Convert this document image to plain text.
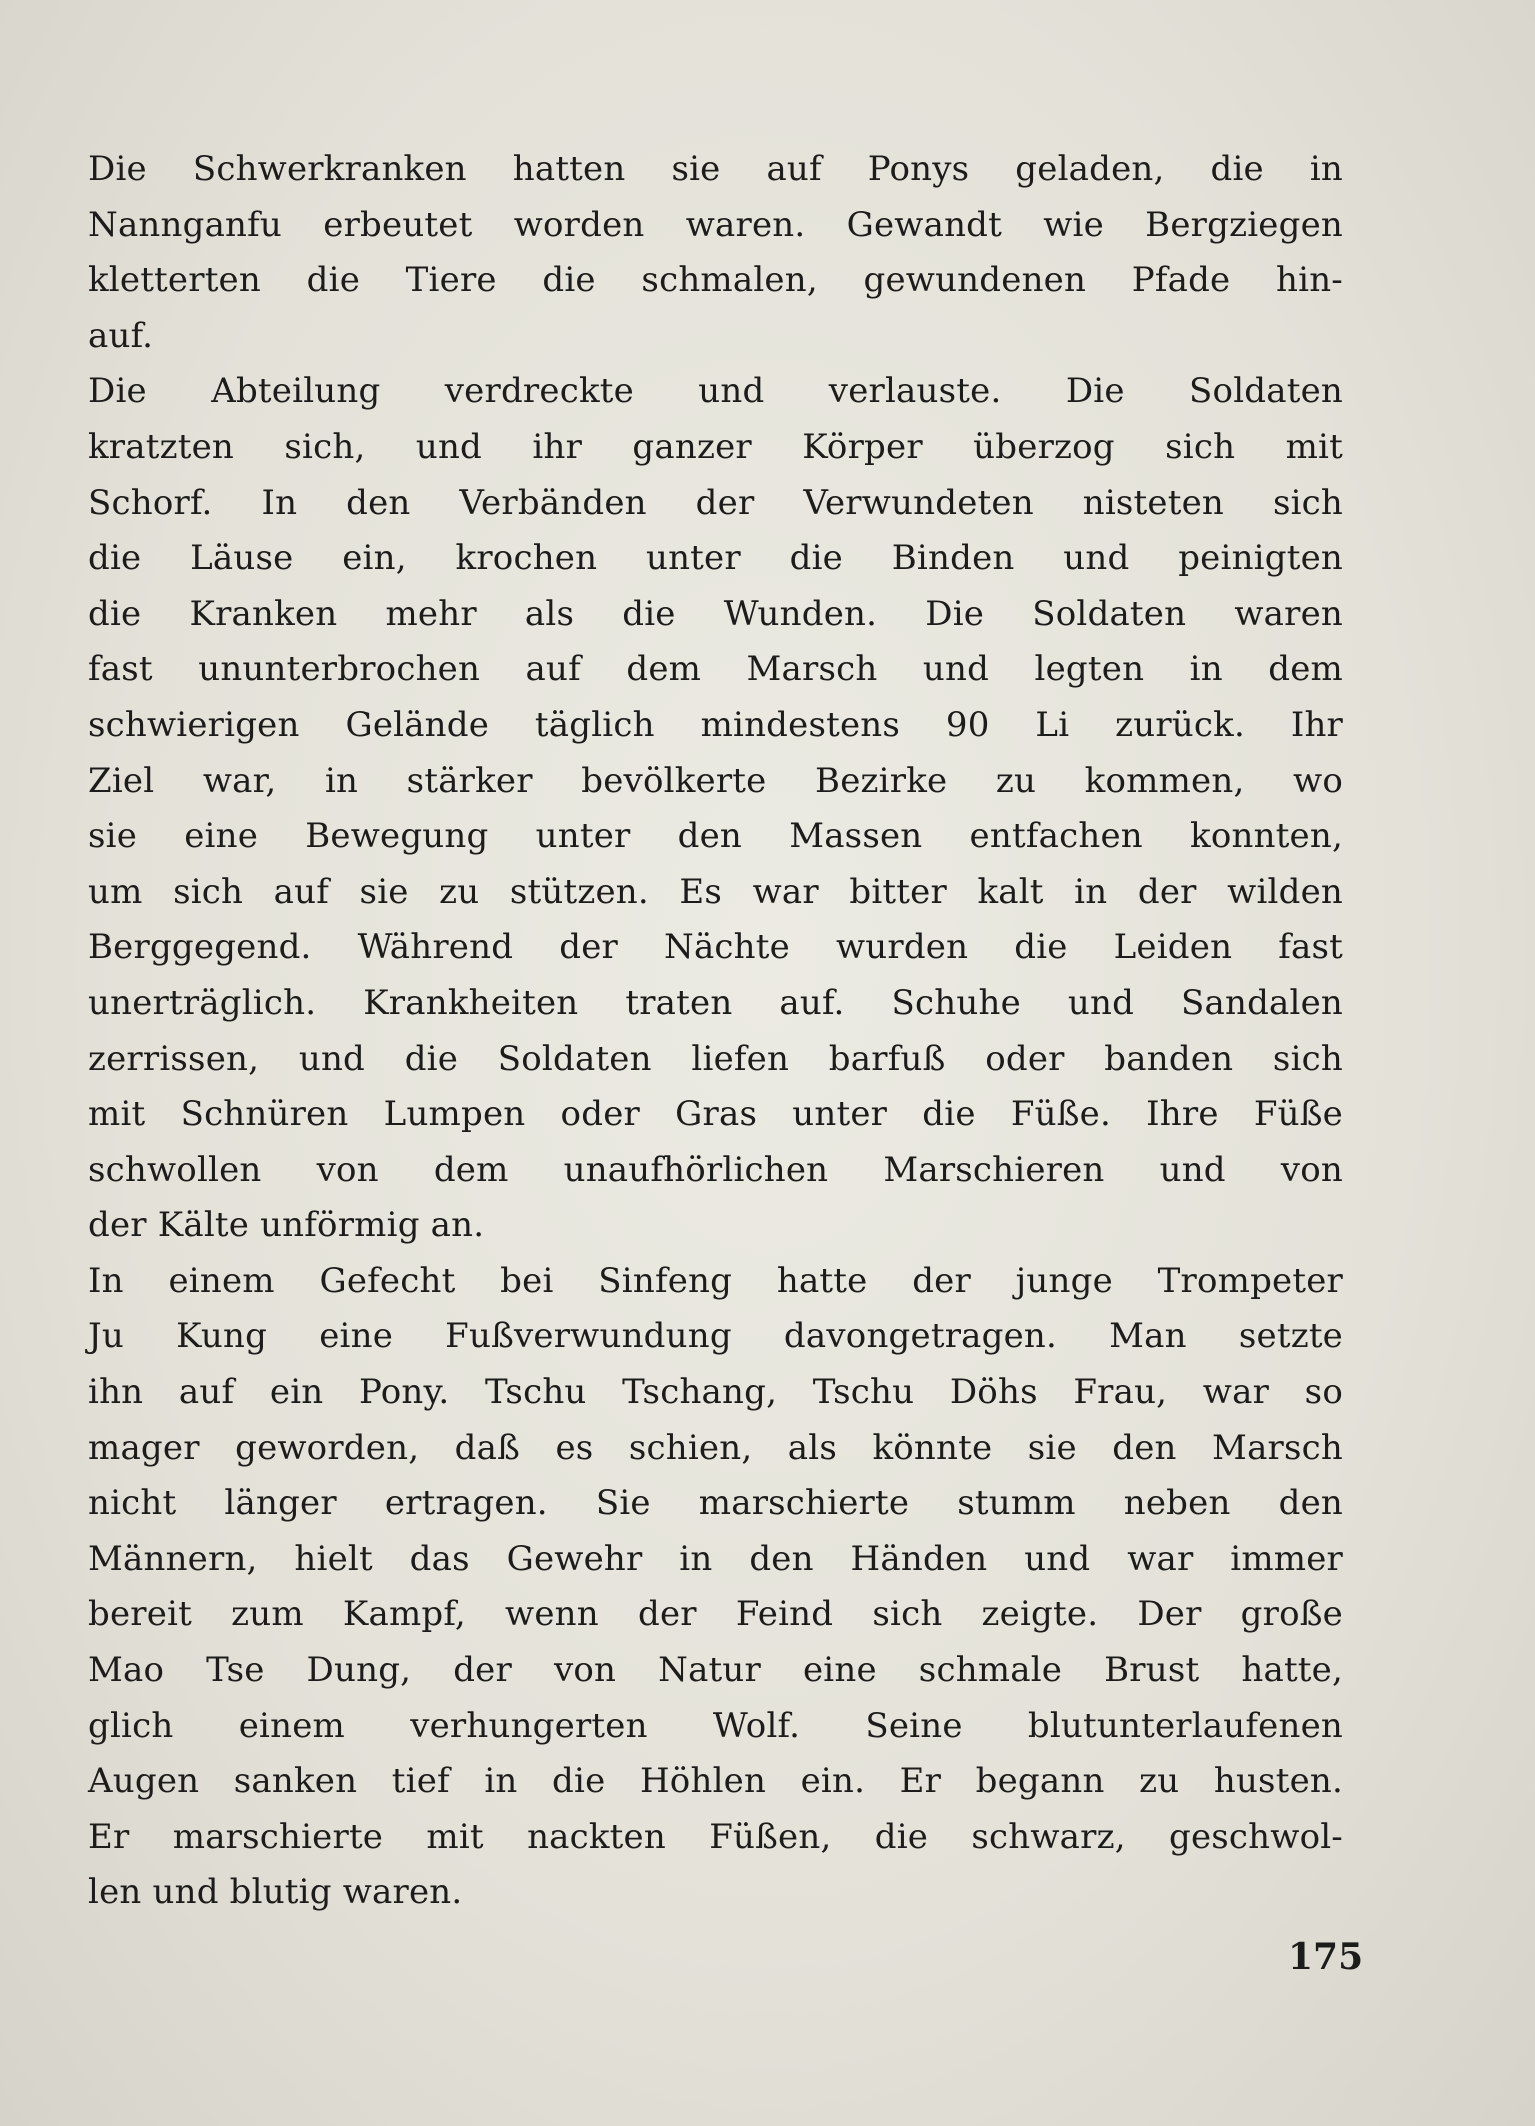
Die Schwerkranken hatten sie auf Ponys geladen, die in
Nannganfu erbeutet worden waren. Gewandt wie Bergziegen
kletterten die Tiere die schmalen, gewundenen Pfade hin-
auf.
Die Abteilung verdreckte und verlauste. Die Soldaten
kratzten sich, und ihr ganzer Körper überzog sich mit
Schorf. In den Verbänden der Verwundeten nisteten sich
die Läuse ein, krochen unter die Binden und peinigten
die Kranken mehr als die Wunden. Die Soldaten waren
fast ununterbrochen auf dem Marsch und legten in dem
schwierigen Gelände täglich mindestens 90 Li zurück. Ihr
Ziel war, in stärker bevölkerte Bezirke zu kommen, wo
sie eine Bewegung unter den Massen entfachen konnten,
um sich auf sie zu stützen. Es war bitter kalt in der wilden
Berggegend. Während der Nächte wurden die Leiden fast
unerträglich. Krankheiten traten auf. Schuhe und Sandalen
zerrissen, und die Soldaten liefen barfuß oder banden sich
mit Schnüren Lumpen oder Gras unter die Füße. Ihre Füße
schwollen von dem unaufhörlichen Marschieren und von
der Kälte unförmig an.
In einem Gefecht bei Sinfeng hatte der junge Trompeter
Ju Kung eine Fußverwundung davongetragen. Man setzte
ihn auf ein Pony. Tschu Tschang, Tschu Döhs Frau, war so
mager geworden, daß es schien, als könnte sie den Marsch
nicht länger ertragen. Sie marschierte stumm neben den
Männern, hielt das Gewehr in den Händen und war immer
bereit zum Kampf, wenn der Feind sich zeigte. Der große
Mao Tse Dung, der von Natur eine schmale Brust hatte,
glich einem verhungerten Wolf. Seine blutunterlaufenen
Augen sanken tief in die Höhlen ein. Er begann zu husten.
Er marschierte mit nackten Füßen, die schwarz, geschwol-
len und blutig waren.
175
